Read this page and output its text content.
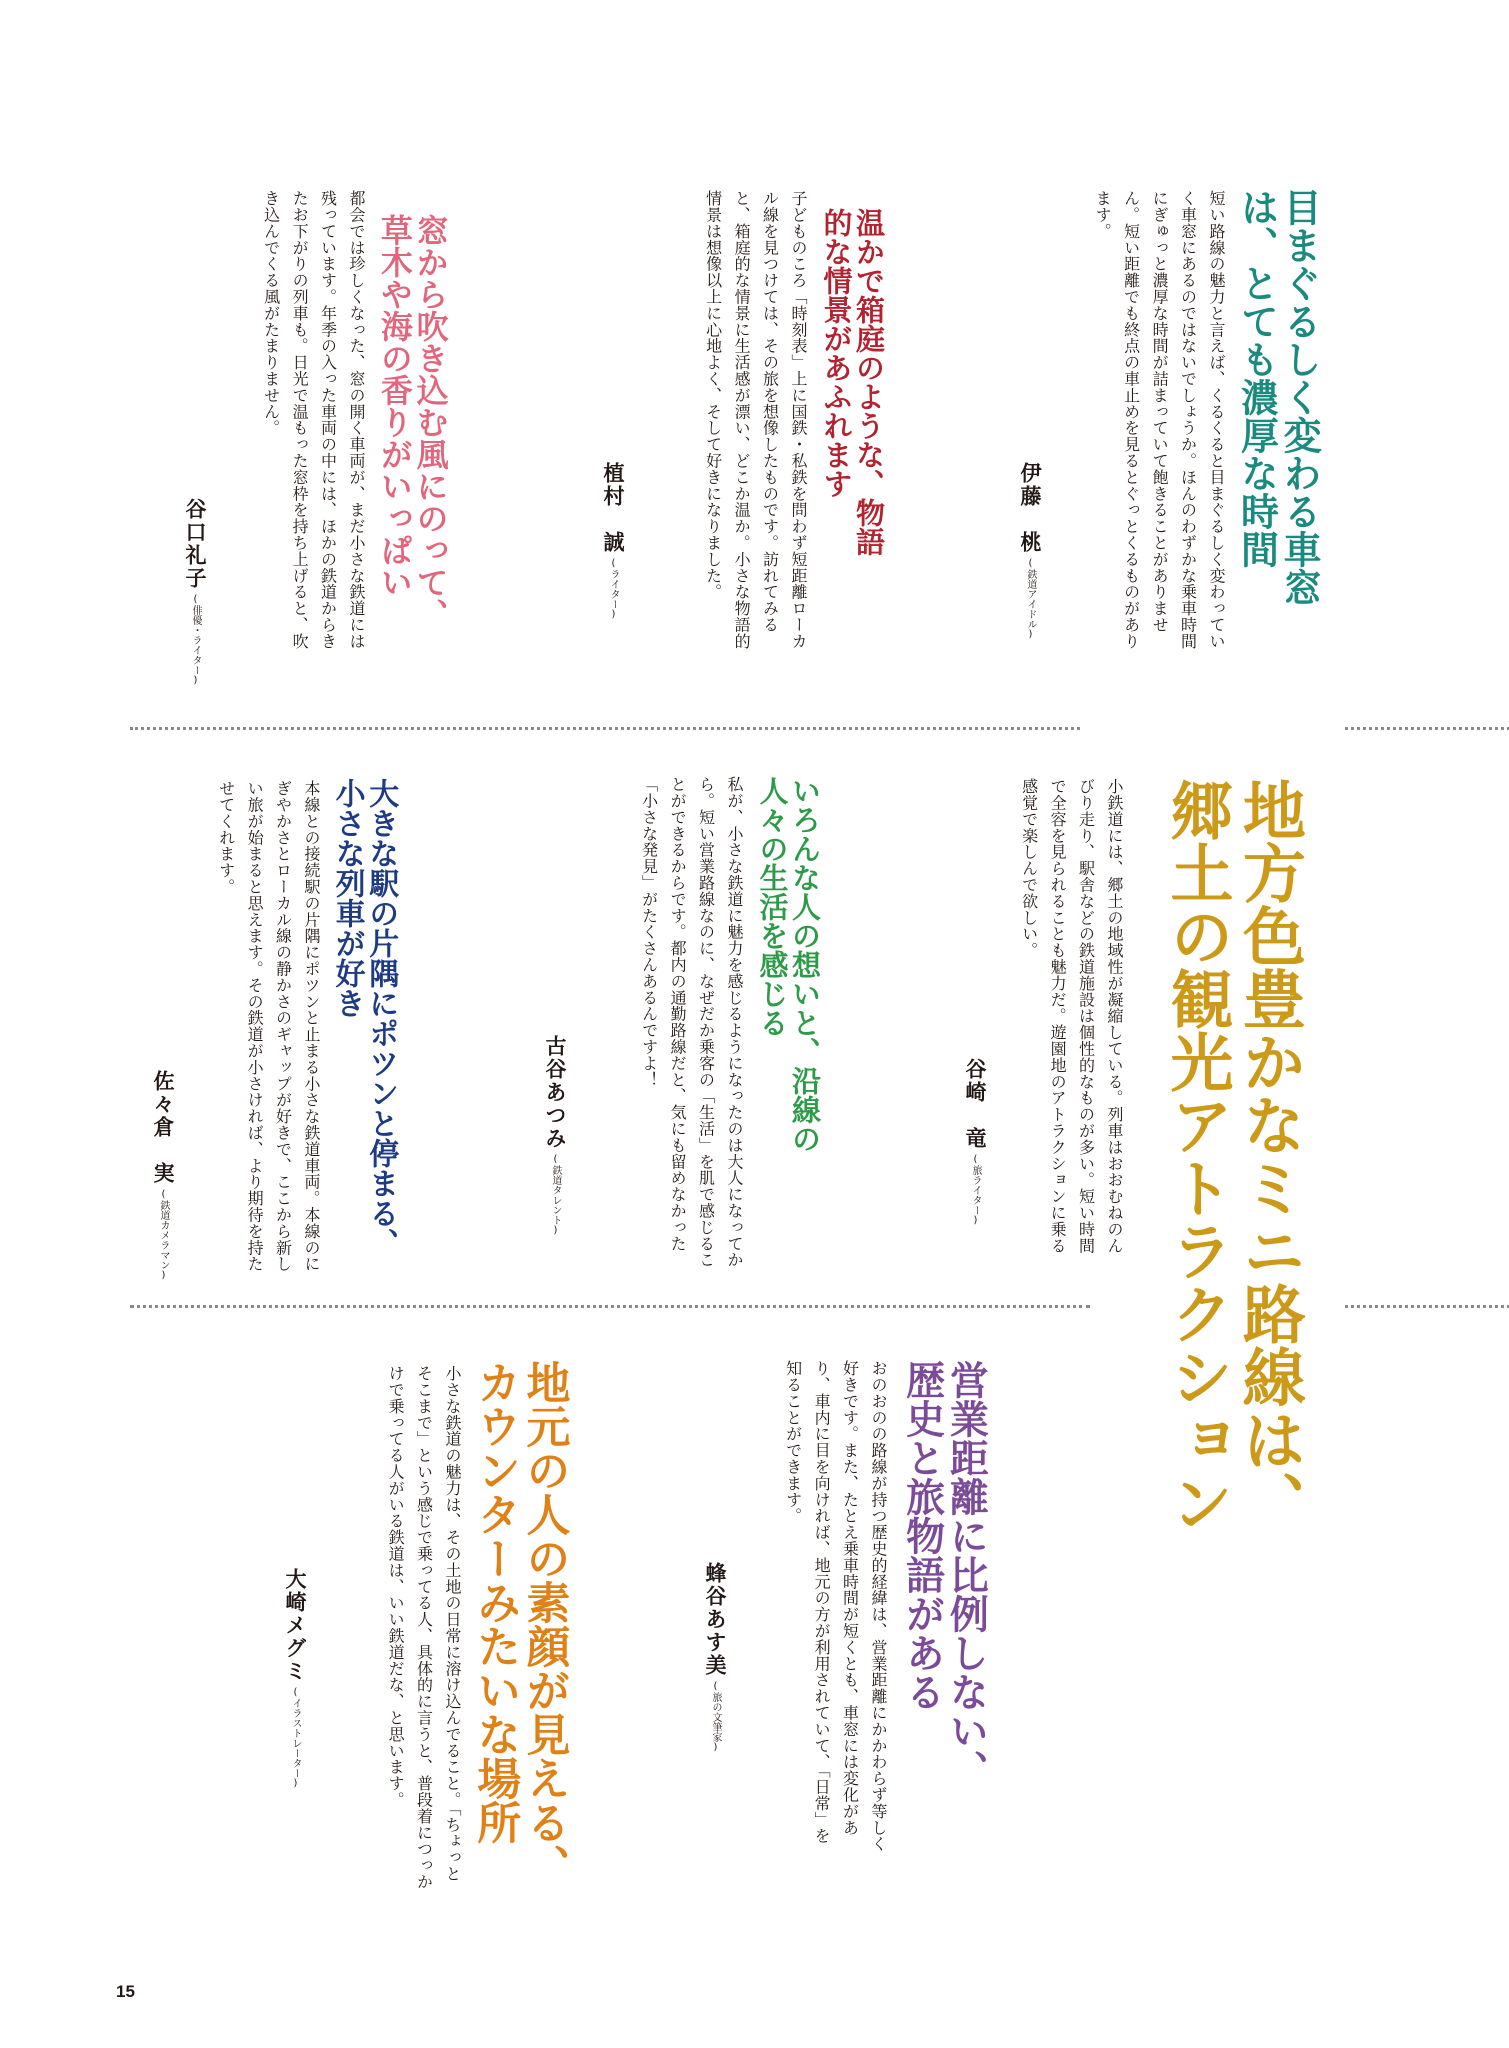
目まぐるしく変わる車窓は、とても濃厚な時間
短い路線の魅力と言えば、くるくると目まぐるしく変わっていく車窓にあるのではないでしょうか。ほんのわずかな乗車時間にぎゅっと濃厚な時間が詰まっていて飽きることがありません。短い距離でも終点の車止めを見るとぐっとくるものがあります。
伊藤　桃(鉄道アイドル)
温かで箱庭のような、物語的な情景があふれます
子どものころ「時刻表」上に国鉄・私鉄を問わず短距離ローカル線を見つけては、その旅を想像したものです。訪れてみると、箱庭的な情景に生活感が漂い、どこか温か。小さな物語的情景は想像以上に心地よく、そして好きになりました。
植村　誠(ライター)
窓から吹き込む風にのって、草木や海の香りがいっぱい
都会では珍しくなった、窓の開く車両が、まだ小さな鉄道には残っています。年季の入った車両の中には、ほかの鉄道からきたお下がりの列車も。日光で温もった窓枠を持ち上げると、吹き込んでくる風がたまりません。
谷口礼子(俳優・ライター)
地方色豊かなミニ路線は、郷土の観光アトラクション
小鉄道には、郷土の地域性が凝縮している。列車はおおむねのんびり走り、駅舎などの鉄道施設は個性的なものが多い。短い時間で全容を見られることも魅力だ。遊園地のアトラクションに乗る感覚で楽しんで欲しい。
谷崎　竜(旅ライター)
いろんな人の想いと、沿線の人々の生活を感じる
私が、小さな鉄道に魅力を感じるようになったのは大人になってから。短い営業路線なのに、なぜだか乗客の「生活」を肌で感じることができるからです。都内の通勤路線だと、気にも留めなかった「小さな発見」がたくさんあるんですよ！
古谷あつみ(鉄道タレント)
大きな駅の片隅にポツンと停まる、小さな列車が好き
本線との接続駅の片隅にポツンと止まる小さな鉄道車両。本線のにぎやかさとローカル線の静かさのギャップが好きで、ここから新しい旅が始まると思えます。その鉄道が小さければ、より期待を持たせてくれます。
佐々倉　実(鉄道カメラマン)
営業距離に比例しない、歴史と旅物語がある
おのおのの路線が持つ歴史的経緯は、営業距離にかかわらず等しく好きです。また、たとえ乗車時間が短くとも、車窓には変化があり、車内に目を向ければ、地元の方が利用されていて、「日常」を知ることができます。
蜂谷あす美(旅の文筆家)
地元の人の素顔が見える、カウンターみたいな場所
小さな鉄道の魅力は、その土地の日常に溶け込んでること。「ちょっとそこまで」という感じで乗ってる人、具体的に言うと、普段着につっかけで乗ってる人がいる鉄道は、いい鉄道だな、と思います。
大崎メグミ(イラストレーター)
15
